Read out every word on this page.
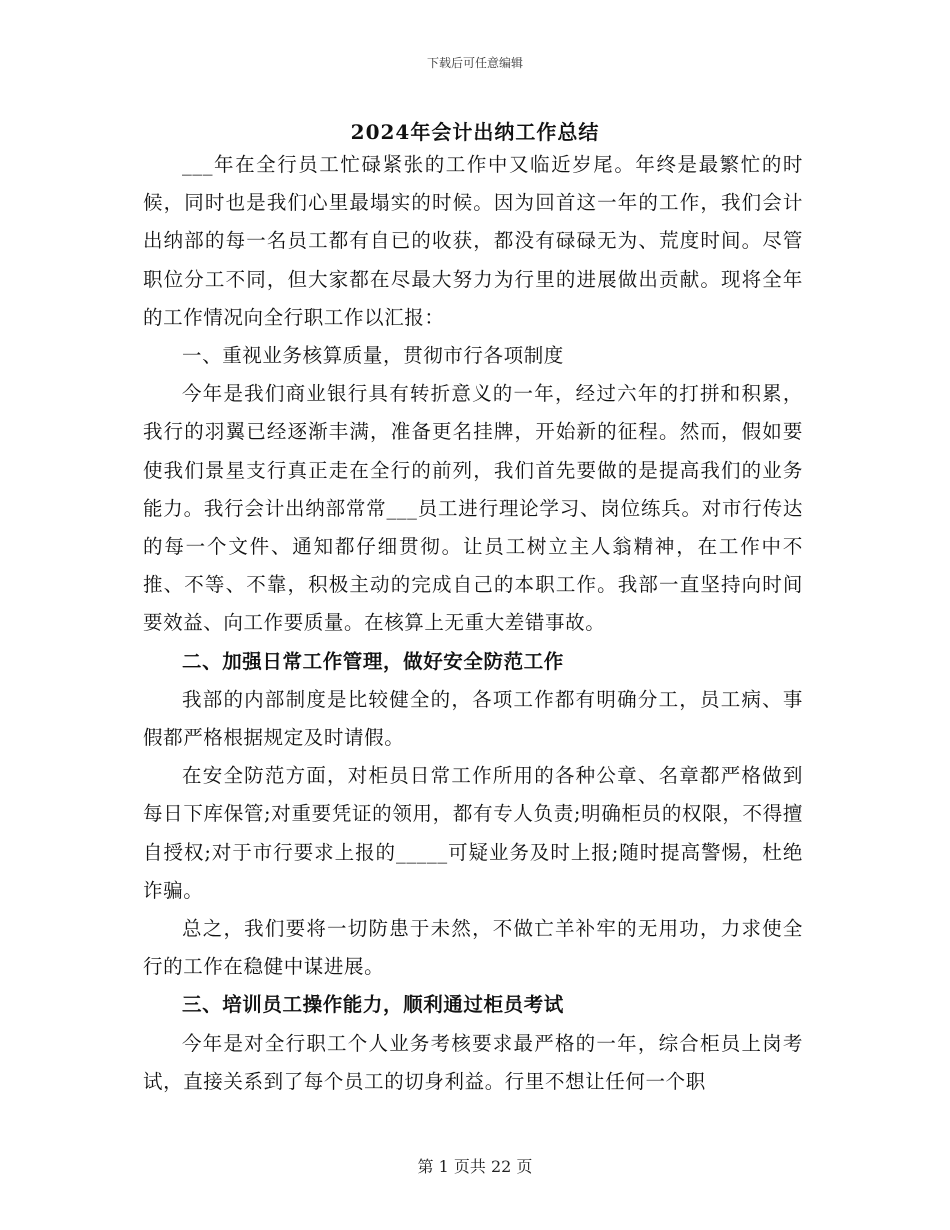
下载后可任意编辑
2024年会计出纳工作总结

___年在全行员工忙碌紧张的工作中又临近岁尾。年终是最繁忙的时候，同时也是我们心里最塌实的时候。因为回首这一年的工作，我们会计出纳部的每一名员工都有自已的收获，都没有碌碌无为、荒度时间。尽管职位分工不同，但大家都在尽最大努力为行里的进展做出贡献。现将全年的工作情况向全行职工作以汇报：

一、重视业务核算质量，贯彻市行各项制度

今年是我们商业银行具有转折意义的一年，经过六年的打拼和积累，我行的羽翼已经逐渐丰满，准备更名挂牌，开始新的征程。然而，假如要使我们景星支行真正走在全行的前列，我们首先要做的是提高我们的业务能力。我行会计出纳部常常___员工进行理论学习、岗位练兵。对市行传达的每一个文件、通知都仔细贯彻。让员工树立主人翁精神，在工作中不推、不等、不靠，积极主动的完成自己的本职工作。我部一直坚持向时间要效益、向工作要质量。在核算上无重大差错事故。

二、加强日常工作管理，做好安全防范工作

我部的内部制度是比较健全的，各项工作都有明确分工，员工病、事假都严格根据规定及时请假。

在安全防范方面，对柜员日常工作所用的各种公章、名章都严格做到每日下库保管;对重要凭证的领用，都有专人负责;明确柜员的权限，不得擅自授权;对于市行要求上报的_____可疑业务及时上报;随时提高警惕，杜绝诈骗。

总之，我们要将一切防患于未然，不做亡羊补牢的无用功，力求使全行的工作在稳健中谋进展。

三、培训员工操作能力，顺利通过柜员考试

今年是对全行职工个人业务考核要求最严格的一年，综合柜员上岗考试，直接关系到了每个员工的切身利益。行里不想让任何一个职

第 1 页共 22 页
